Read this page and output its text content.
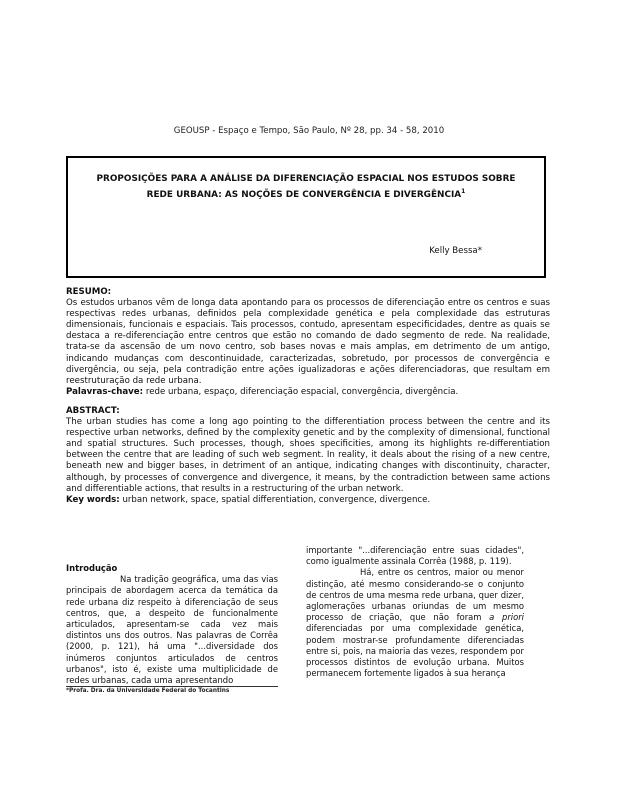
GEOUSP - Espaço e Tempo, São Paulo, Nº 28, pp. 34 - 58, 2010
PROPOSIÇÕES PARA A ANÁLISE DA DIFERENCIAÇÃO ESPACIAL NOS ESTUDOS SOBRE
REDE URBANA: AS NOÇÕES DE CONVERGÊNCIA E DIVERGÊNCIA$^1$
Kelly Bessa*
RESUMO:

Os estudos urbanos vêm de longa data apontando para os processos de diferenciação entre os centros e suas respectivas redes urbanas, definidos pela complexidade genética e pela complexidade das estruturas dimensionais, funcionais e espaciais. Tais processos, contudo, apresentam especificidades, dentre as quais se destaca a re-diferenciação entre centros que estão no comando de dado segmento de rede. Na realidade, trata-se da ascensão de um novo centro, sob bases novas e mais amplas, em detrimento de um antigo, indicando mudanças com descontinuidade, caracterizadas, sobretudo, por processos de convergência e divergência, ou seja, pela contradição entre ações igualizadoras e ações diferenciadoras, que resultam em reestruturação da rede urbana.

Palavras-chave: rede urbana, espaço, diferenciação espacial, convergência, divergência.

ABSTRACT:

The urban studies has come a long ago pointing to the differentiation process between the centre and its respective urban networks, defined by the complexity genetic and by the complexity of dimensional, functional and spatial structures. Such processes, though, shoes specificities, among its highlights re-differentiation between the centre that are leading of such web segment. In reality, it deals about the rising of a new centre, beneath new and bigger bases, in detriment of an antique, indicating changes with discontinuity, character, although, by processes of convergence and divergence, it means, by the contradiction between same actions and differentiable actions, that results in a restructuring of the urban network.

Key words: urban network, space, spatial differentiation, convergence, divergence.

Introdução

Na tradição geográfica, uma das vias principais de abordagem acerca da temática da rede urbana diz respeito à diferenciação de seus centros, que, a despeito de funcionalmente articulados, apresentam-se cada vez mais distintos uns dos outros. Nas palavras de Corrêa (2000, p. 121), há uma "...diversidade dos inúmeros conjuntos articulados de centros urbanos", isto é, existe uma multiplicidade de redes urbanas, cada uma apresentando

importante "...diferenciação entre suas cidades", como igualmente assinala Corrêa (1988, p. 119).

Há, entre os centros, maior ou menor distinção, até mesmo considerando-se o conjunto de centros de uma mesma rede urbana, quer dizer, aglomerações urbanas oriundas de um mesmo processo de criação, que não foram a priori diferenciadas por uma complexidade genética, podem mostrar-se profundamente diferenciadas entre si, pois, na maioria das vezes, respondem por processos distintos de evolução urbana. Muitos permanecem fortemente ligados à sua herança

*Profa. Dra. da Universidade Federal do Tocantins
